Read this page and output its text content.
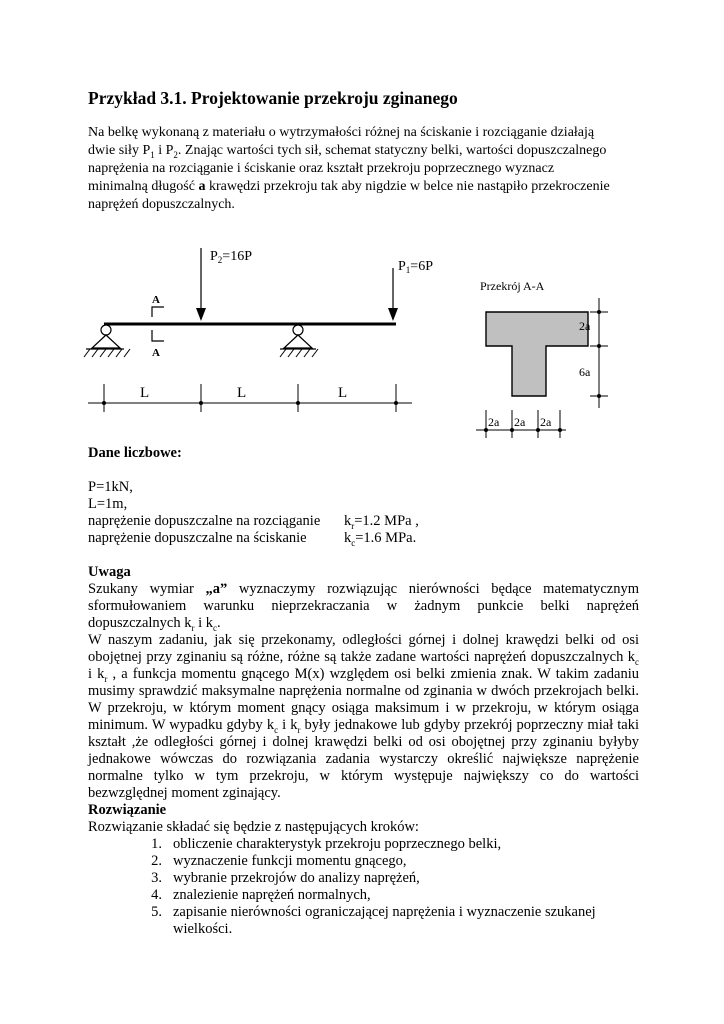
Przykład 3.1. Projektowanie przekroju zginanego
Na belkę wykonaną z materiału o wytrzymałości różnej na ściskanie i rozciąganie działają
dwie siły $P_1$ i $P_2$. Znając wartości tych sił, schemat statyczny belki, wartości dopuszczalnego
naprężenia na rozciąganie i ściskanie oraz kształt przekroju poprzecznego wyznacz
minimalną długość a krawędzi przekroju tak aby nigdzie w belce nie nastąpiło przekroczenie
naprężeń dopuszczalnych.
A
A
$P_2=16P$
$P_1=6P$
L	L	L
Przekrój A-A
2a
6a
2a 2a 2a
Dane liczbowe:
P=1kN,
L=1m,
naprężenie dopuszczalne na rozciąganie $k_r=1.2$ MPa ,
naprężenie dopuszczalne na ściskanie	$k_c=1.6$ MPa.
Uwaga
Szukany wymiar „a” wyznaczymy rozwiązując nierówności będące matematycznym
sformułowaniem warunku nieprzekraczania w żadnym punkcie belki naprężeń
dopuszczalnych $k_r$ i $k_c$.
W naszym zadaniu, jak się przekonamy, odległości górnej i dolnej krawędzi belki od osi
obojętnej przy zginaniu są różne, różne są także zadane wartości naprężeń dopuszczalnych $k_c$
i $k_r$ , a funkcja momentu gnącego M(x) względem osi belki zmienia znak. W takim zadaniu
musimy sprawdzić maksymalne naprężenia normalne od zginania w dwóch przekrojach belki.
W przekroju, w którym moment gnący osiąga maksimum i w przekroju, w którym osiąga
minimum. W wypadku gdyby $k_c$ i $k_r$ były jednakowe lub gdyby przekrój poprzeczny miał taki
kształt ,że odległości górnej i dolnej krawędzi belki od osi obojętnej przy zginaniu byłyby
jednakowe wówczas do rozwiązania zadania wystarczy określić największe naprężenie
normalne tylko w tym przekroju, w którym występuje największy co do wartości
bezwzględnej moment zginający.
Rozwiązanie
Rozwiązanie składać się będzie z następujących kroków:
1. obliczenie charakterystyk przekroju poprzecznego belki,
2. wyznaczenie funkcji momentu gnącego,
3. wybranie przekrojów do analizy naprężeń,
4. znalezienie naprężeń normalnych,
5. zapisanie nierówności ograniczającej naprężenia i wyznaczenie szukanej
wielkości.
